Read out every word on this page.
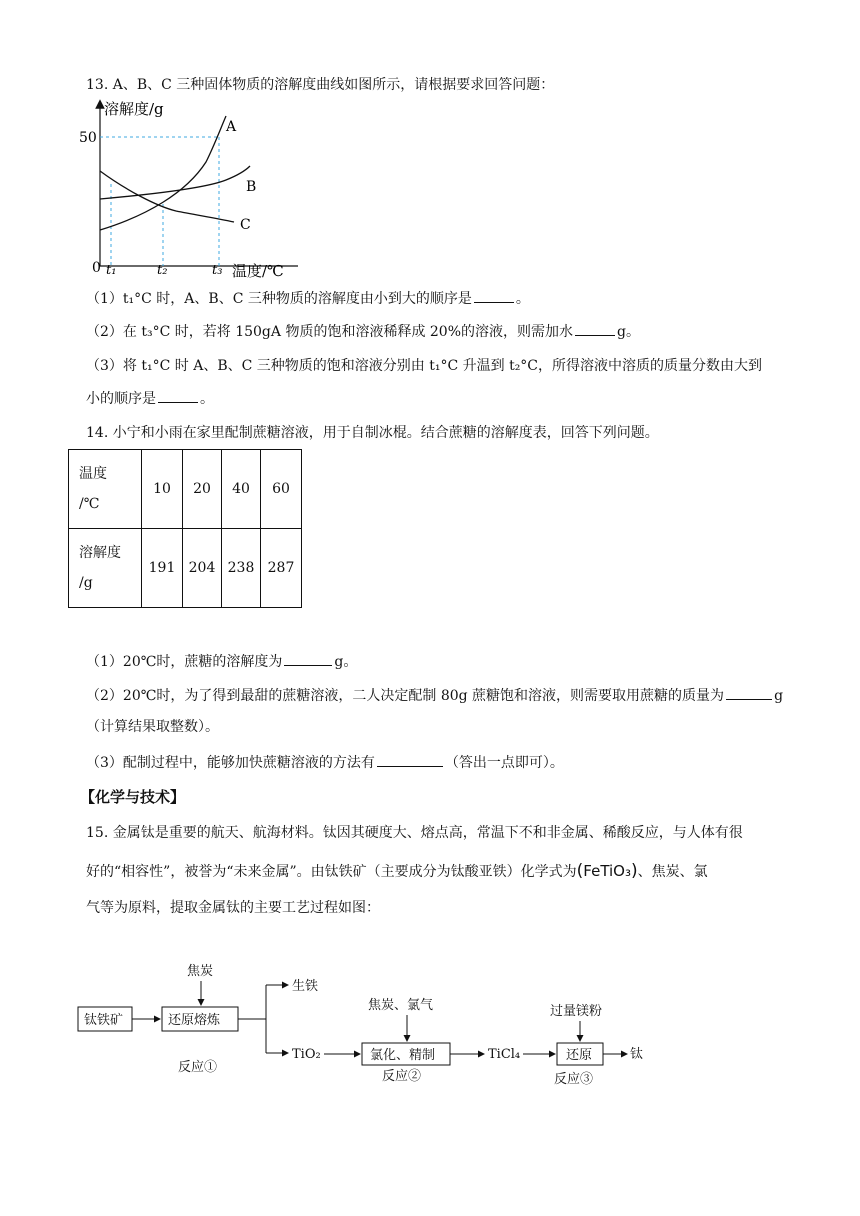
13. A、B、C 三种固体物质的溶解度曲线如图所示，请根据要求回答问题：
溶解度/g
50
0 t₁	t₂	t₃ 温度/℃
A
B
C
（1）t₁°C 时，A、B、C 三种物质的溶解度由小到大的顺序是	。
（2）在 t₃°C 时，若将 150gA 物质的饱和溶液稀释成 20%的溶液，则需加水	g。
（3）将 t₁°C 时 A、B、C 三种物质的饱和溶液分别由 t₁°C 升温到 t₂°C，所得溶液中溶质的质量分数由大到
小的顺序是	。
14. 小宁和小雨在家里配制蔗糖溶液，用于自制冰棍。结合蔗糖的溶解度表，回答下列问题。
温度
/℃	10	20	40	60
溶解度
/g	191	204	238	287
（1）20℃时，蔗糖的溶解度为	g。
（2）20℃时，为了得到最甜的蔗糖溶液，二人决定配制 80g 蔗糖饱和溶液，则需要取用蔗糖的质量为	g
（计算结果取整数）。
（3）配制过程中，能够加快蔗糖溶液的方法有	（答出一点即可）。
【化学与技术】
15. 金属钛是重要的航天、航海材料。钛因其硬度大、熔点高，常温下不和非金属、稀酸反应，与人体有很
好的“相容性”，被誉为“未来金属”。由钛铁矿（主要成分为钛酸亚铁）化学式为(FeTiO₃)、焦炭、氯
气等为原料，提取金属钛的主要工艺过程如图：
焦炭
钛铁矿	还原熔炼
生铁
TiO₂
反应①
焦炭、氯气
氯化、精制
反应②
TiCl₄
过量镁粉
还原	钛
反应③
